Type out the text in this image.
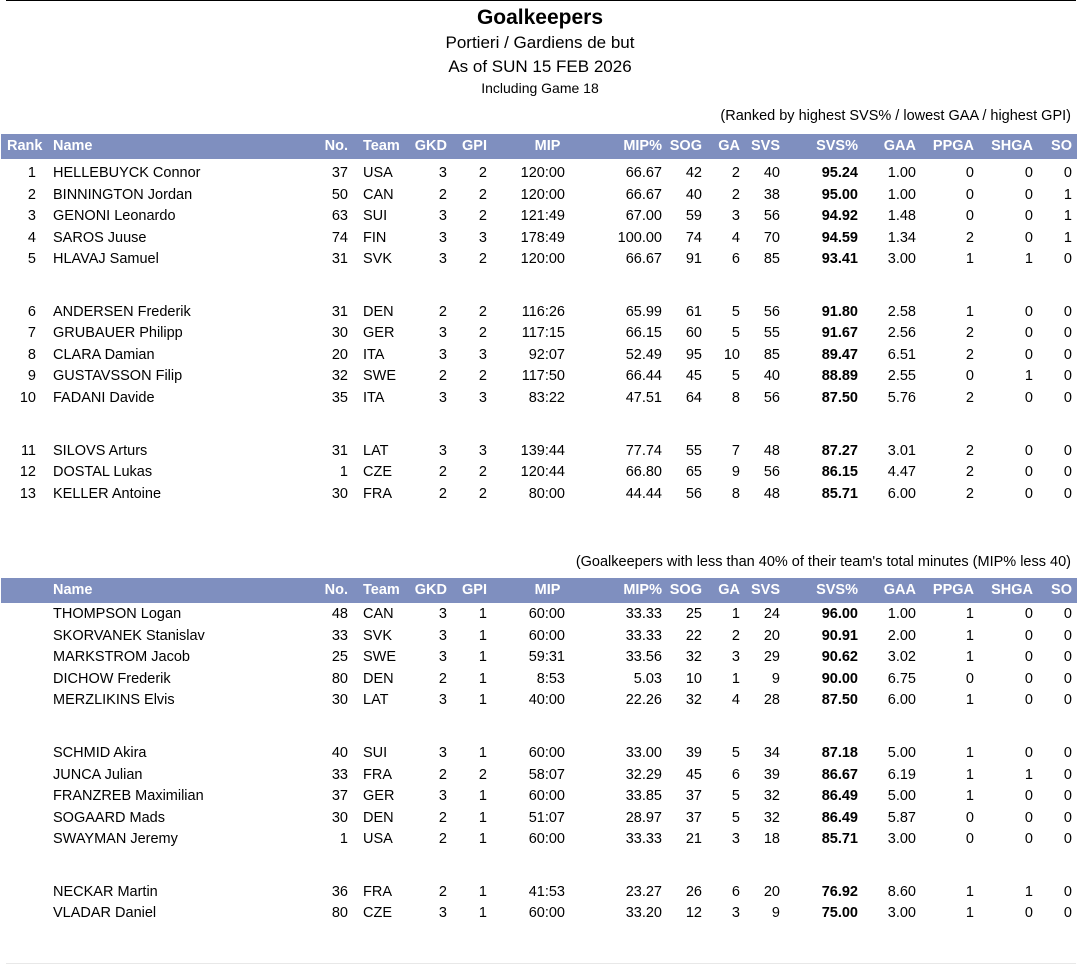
Goalkeepers
Portieri / Gardiens de but
As of SUN 15 FEB 2026
Including Game 18
(Ranked by highest SVS% / lowest GAA / highest GPI)
Rank Name	No. Team	GKD	GPI	MIP	MIP% SOG	GA SVS	SVS%	GAA	PPGA	SHGA	SO
1 HELLEBUYCK Connor	37 USA	3	2	120:00	66.67	42	2	40	95.24	1.00	0	0	0
2 BINNINGTON Jordan	50 CAN	2	2	120:00	66.67	40	2	38	95.00	1.00	0	0	1
3 GENONI Leonardo	63 SUI	3	2	121:49	67.00	59	3	56	94.92	1.48	0	0	1
4 SAROS Juuse	74 FIN	3	3	178:49	100.00	74	4	70	94.59	1.34	2	0	1
5 HLAVAJ Samuel	31 SVK	3	2	120:00	66.67	91	6	85	93.41	3.00	1	1	0
6 ANDERSEN Frederik	31 DEN	2	2	116:26	65.99	61	5	56	91.80	2.58	1	0	0
7 GRUBAUER Philipp	30 GER	3	2	117:15	66.15	60	5	55	91.67	2.56	2	0	0
8 CLARA Damian	20 ITA	3	3	92:07	52.49	95	10	85	89.47	6.51	2	0	0
9 GUSTAVSSON Filip	32 SWE	2	2	117:50	66.44	45	5	40	88.89	2.55	0	1	0
10 FADANI Davide	35 ITA	3	3	83:22	47.51	64	8	56	87.50	5.76	2	0	0
11 SILOVS Arturs	31 LAT	3	3	139:44	77.74	55	7	48	87.27	3.01	2	0	0
12 DOSTAL Lukas	1 CZE	2	2	120:44	66.80	65	9	56	86.15	4.47	2	0	0
13 KELLER Antoine	30 FRA	2	2	80:00	44.44	56	8	48	85.71	6.00	2	0	0
(Goalkeepers with less than 40% of their team's total minutes (MIP% less 40)
Name	No. Team	GKD	GPI	MIP	MIP% SOG	GA SVS	SVS%	GAA	PPGA	SHGA	SO
THOMPSON Logan	48 CAN	3	1	60:00	33.33	25	1	24	96.00	1.00	1	0	0
SKORVANEK Stanislav	33 SVK	3	1	60:00	33.33	22	2	20	90.91	2.00	1	0	0
MARKSTROM Jacob	25 SWE	3	1	59:31	33.56	32	3	29	90.62	3.02	1	0	0
DICHOW Frederik	80 DEN	2	1	8:53	5.03	10	1	9	90.00	6.75	0	0	0
MERZLIKINS Elvis	30 LAT	3	1	40:00	22.26	32	4	28	87.50	6.00	1	0	0
SCHMID Akira	40 SUI	3	1	60:00	33.00	39	5	34	87.18	5.00	1	0	0
JUNCA Julian	33 FRA	2	2	58:07	32.29	45	6	39	86.67	6.19	1	1	0
FRANZREB Maximilian	37 GER	3	1	60:00	33.85	37	5	32	86.49	5.00	1	0	0
SOGAARD Mads	30 DEN	2	1	51:07	28.97	37	5	32	86.49	5.87	0	0	0
SWAYMAN Jeremy	1 USA	2	1	60:00	33.33	21	3	18	85.71	3.00	0	0	0
NECKAR Martin	36 FRA	2	1	41:53	23.27	26	6	20	76.92	8.60	1	1	0
VLADAR Daniel	80 CZE	3	1	60:00	33.20	12	3	9	75.00	3.00	1	0	0
